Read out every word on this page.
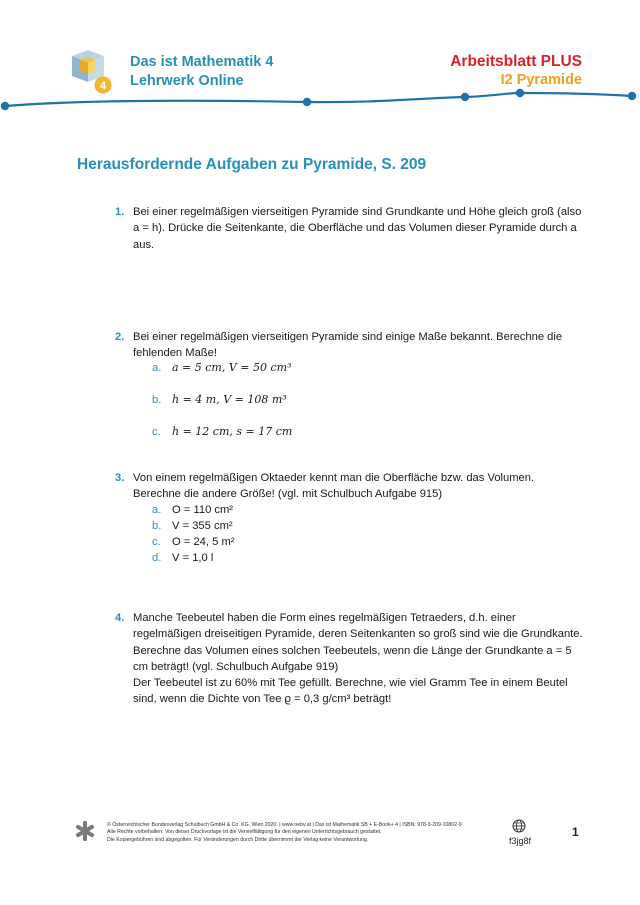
4
Das ist Mathematik 4
Lehrwerk Online
Arbeitsblatt PLUS
I2 Pyramide
Herausfordernde Aufgaben zu Pyramide, S. 209
1. Bei einer regelmäßigen vierseitigen Pyramide sind Grundkante und Höhe gleich groß (also a = h). Drücke die Seitenkante, die Oberfläche und das Volumen dieser Pyramide durch a aus.
2. Bei einer regelmäßigen vierseitigen Pyramide sind einige Maße bekannt. Berechne die fehlenden Maße!
a. a = 5 cm, V = 50 cm³
b. h = 4 m, V = 108 m³
c. h = 12 cm, s = 17 cm
3. Von einem regelmäßigen Oktaeder kennt man die Oberfläche bzw. das Volumen. Berechne die andere Größe! (vgl. mit Schulbuch Aufgabe 915)
a. O = 110 cm²
b. V = 355 cm²
c. O = 24, 5 m²
d. V = 1,0 l
4. Manche Teebeutel haben die Form eines regelmäßigen Tetraeders, d.h. einer regelmäßigen dreiseitigen Pyramide, deren Seitenkanten so groß sind wie die Grundkante. Berechne das Volumen eines solchen Teebeutels, wenn die Länge der Grundkante a = 5 cm beträgt! (vgl. Schulbuch Aufgabe 919)
Der Teebeutel ist zu 60% mit Tee gefüllt. Berechne, wie viel Gramm Tee in einem Beutel sind, wenn die Dichte von Tee ϱ = 0,3 g/cm³ beträgt!
© Österreichischer Bundesverlag Schulbuch GmbH & Co. KG, Wien 2020. | www.oebv.at | Das ist Mathematik SB + E-Book+ 4 | ISBN: 978-3-209-10802-9
Alle Rechte vorbehalten. Von dieser Druckvorlage ist die Vervielfältigung für den eigenen Unterrichtsgebrauch gestattet.
Die Kopiergebühren sind abgegolten. Für Veränderungen durch Dritte übernimmt der Verlag keine Verantwortung.	f3jg8f
1
